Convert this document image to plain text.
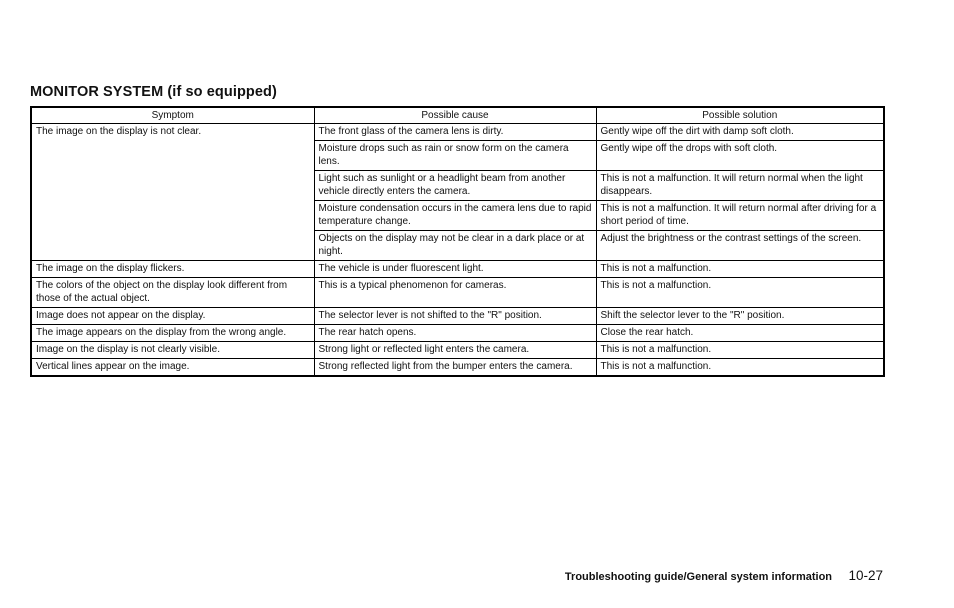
MONITOR SYSTEM (if so equipped)
Symptom	Possible cause	Possible solution
The image on the display is not clear.	The front glass of the camera lens is dirty.	Gently wipe off the dirt with damp soft cloth.
	Moisture drops such as rain or snow form on the camera lens.	Gently wipe off the drops with soft cloth.
	Light such as sunlight or a headlight beam from another vehicle directly enters the camera.	This is not a malfunction. It will return normal when the light disappears.
	Moisture condensation occurs in the camera lens due to rapid temperature change.	This is not a malfunction. It will return normal after driving for a short period of time.
	Objects on the display may not be clear in a dark place or at night.	Adjust the brightness or the contrast settings of the screen.
The image on the display flickers.	The vehicle is under fluorescent light.	This is not a malfunction.
The colors of the object on the display look different from those of the actual object.	This is a typical phenomenon for cameras.	This is not a malfunction.
Image does not appear on the display.	The selector lever is not shifted to the "R" position.	Shift the selector lever to the "R" position.
The image appears on the display from the wrong angle.	The rear hatch opens.	Close the rear hatch.
Image on the display is not clearly visible.	Strong light or reflected light enters the camera.	This is not a malfunction.
Vertical lines appear on the image.	Strong reflected light from the bumper enters the camera.	This is not a malfunction.
Troubleshooting guide/General system information 10-27
